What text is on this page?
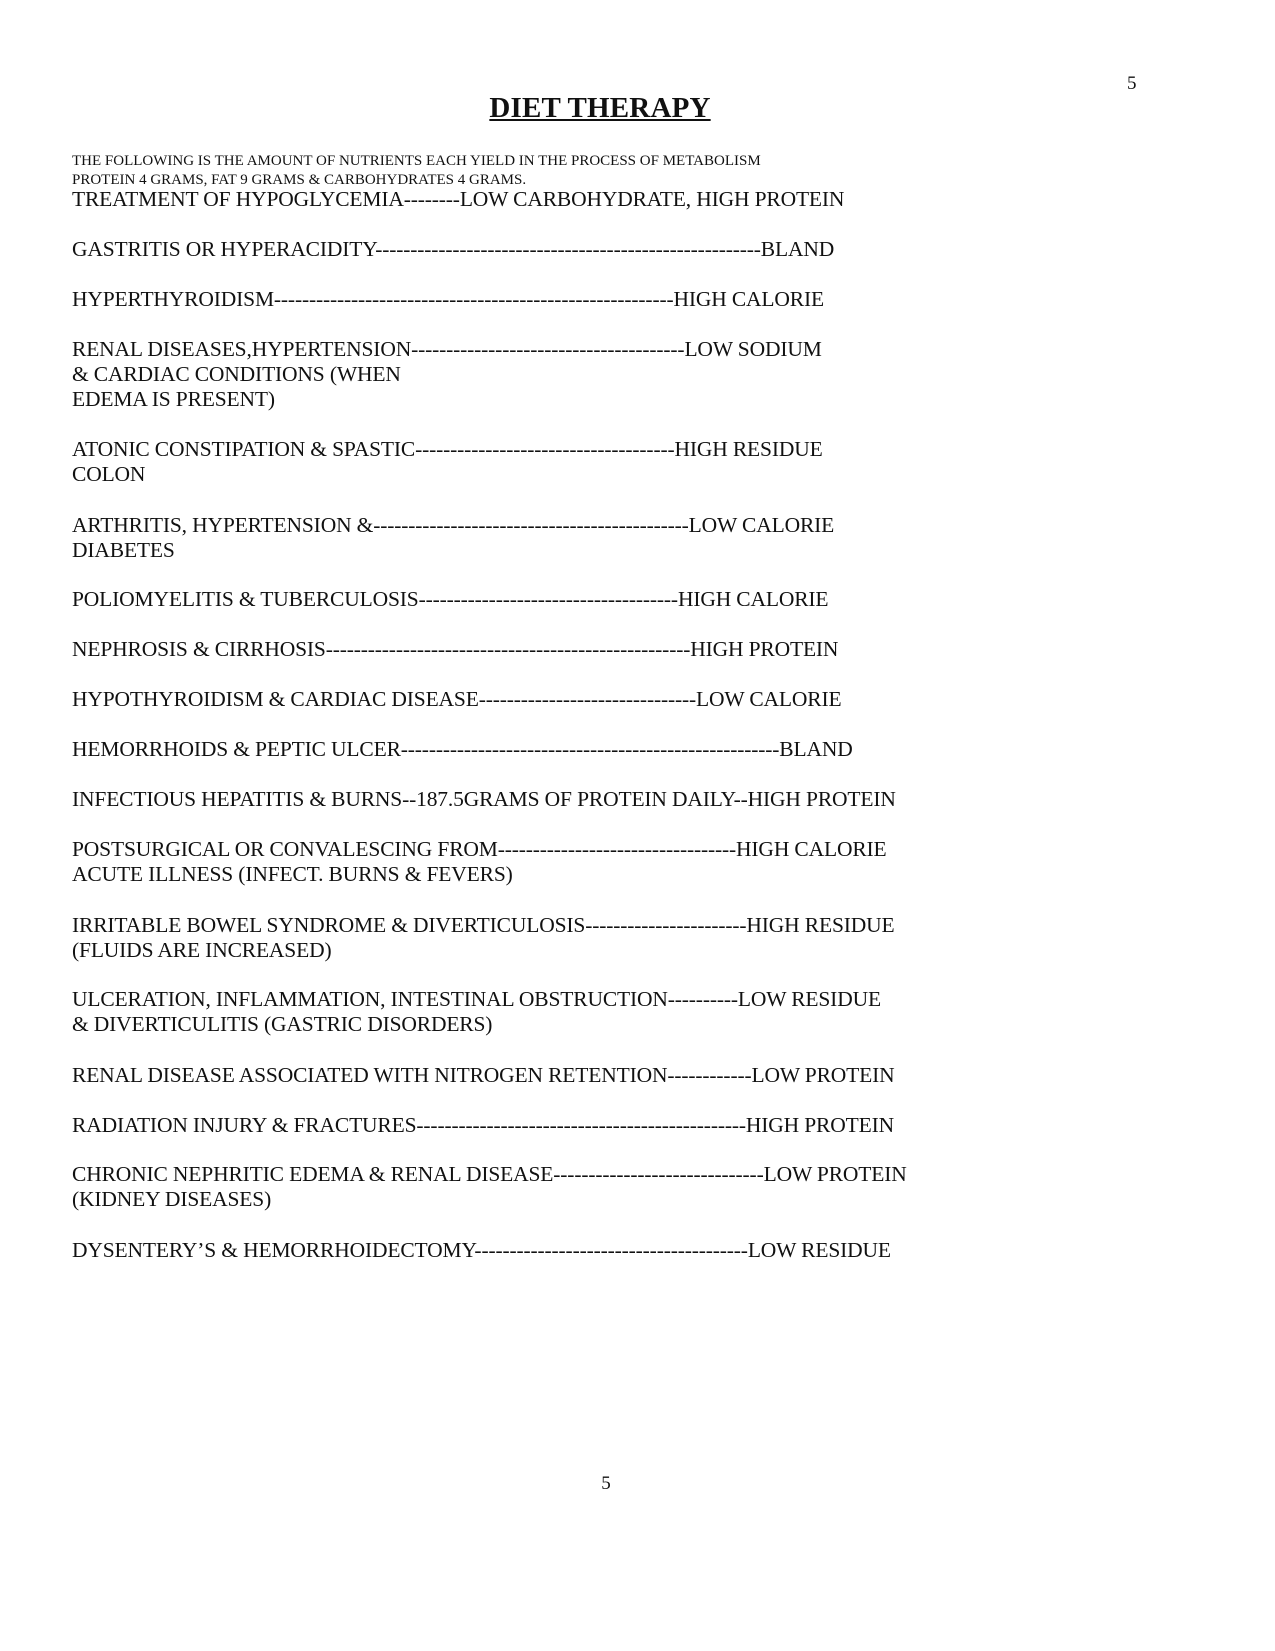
5
DIET THERAPY
THE FOLLOWING IS THE AMOUNT OF NUTRIENTS EACH YIELD IN THE PROCESS OF METABOLISM
PROTEIN 4 GRAMS, FAT 9 GRAMS & CARBOHYDRATES 4 GRAMS.
TREATMENT OF HYPOGLYCEMIA--------LOW CARBOHYDRATE, HIGH PROTEIN
GASTRITIS OR HYPERACIDITY-------------------------------------------------------BLAND
HYPERTHYROIDISM---------------------------------------------------------HIGH CALORIE
RENAL DISEASES,HYPERTENSION---------------------------------------LOW SODIUM
& CARDIAC CONDITIONS (WHEN
EDEMA IS PRESENT)
ATONIC CONSTIPATION & SPASTIC-------------------------------------HIGH RESIDUE
COLON
ARTHRITIS, HYPERTENSION &---------------------------------------------LOW CALORIE
DIABETES
POLIOMYELITIS & TUBERCULOSIS-------------------------------------HIGH CALORIE
NEPHROSIS & CIRRHOSIS----------------------------------------------------HIGH PROTEIN
HYPOTHYROIDISM & CARDIAC DISEASE-------------------------------LOW CALORIE
HEMORRHOIDS & PEPTIC ULCER------------------------------------------------------BLAND
INFECTIOUS HEPATITIS & BURNS--187.5GRAMS OF PROTEIN DAILY--HIGH PROTEIN
POSTSURGICAL OR CONVALESCING FROM----------------------------------HIGH CALORIE
ACUTE ILLNESS (INFECT. BURNS & FEVERS)
IRRITABLE BOWEL SYNDROME & DIVERTICULOSIS-----------------------HIGH RESIDUE
(FLUIDS ARE INCREASED)
ULCERATION, INFLAMMATION, INTESTINAL OBSTRUCTION----------LOW RESIDUE
& DIVERTICULITIS (GASTRIC DISORDERS)
RENAL DISEASE ASSOCIATED WITH NITROGEN RETENTION------------LOW PROTEIN
RADIATION INJURY & FRACTURES-----------------------------------------------HIGH PROTEIN
CHRONIC NEPHRITIC EDEMA & RENAL DISEASE------------------------------LOW PROTEIN
(KIDNEY DISEASES)
DYSENTERY’S & HEMORRHOIDECTOMY---------------------------------------LOW RESIDUE
5
